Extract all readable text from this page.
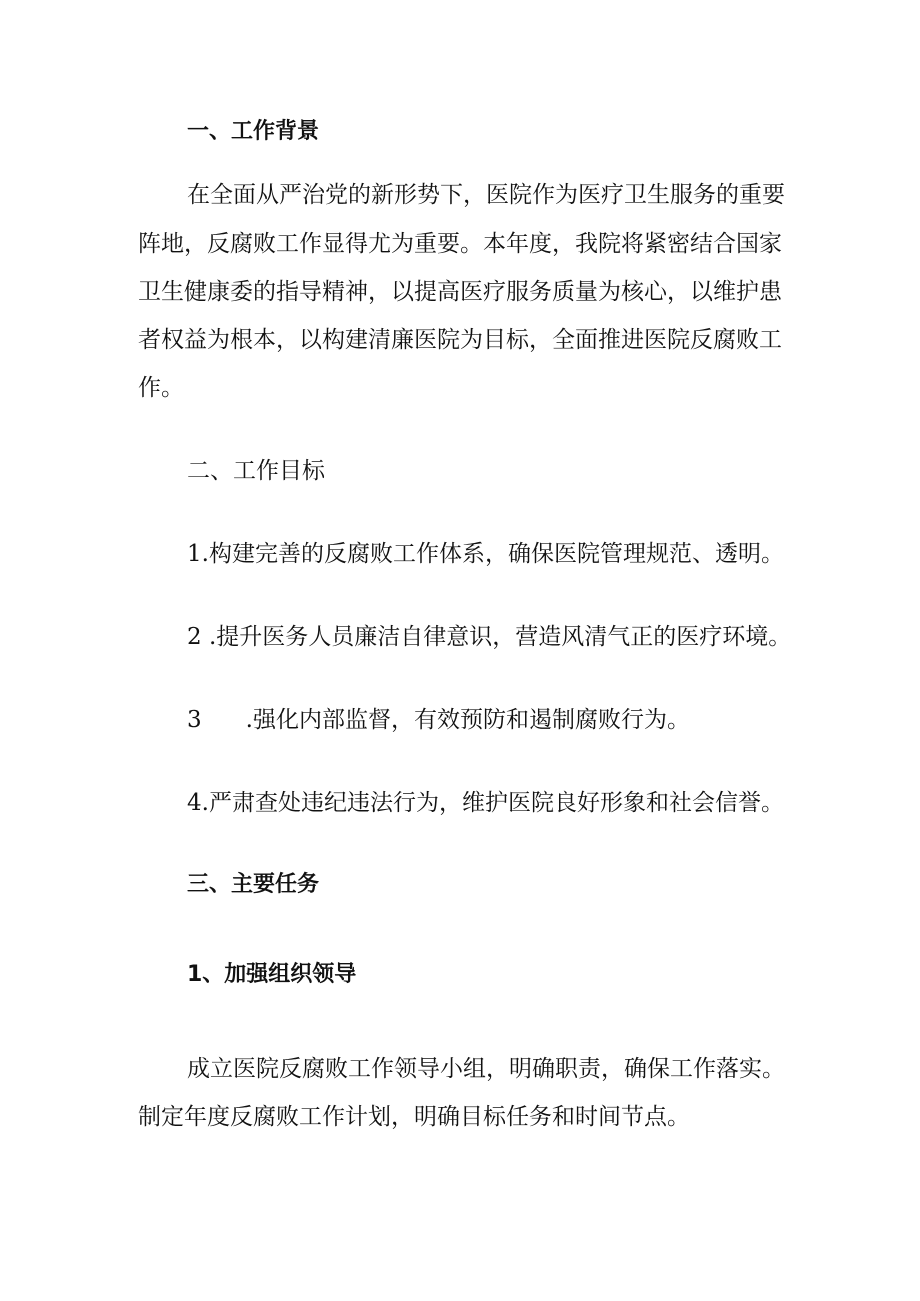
一、工作背景

在全面从严治党的新形势下，医院作为医疗卫生服务的重要

阵地，反腐败工作显得尤为重要。本年度，我院将紧密结合国家

卫生健康委的指导精神，以提高医疗服务质量为核心，以维护患

者权益为根本，以构建清廉医院为目标，全面推进医院反腐败工

作。

二、工作目标

1.构建完善的反腐败工作体系，确保医院管理规范、透明。

2 .提升医务人员廉洁自律意识，营造风清气正的医疗环境。

3 .强化内部监督，有效预防和遏制腐败行为。

4.严肃查处违纪违法行为，维护医院良好形象和社会信誉。

三、主要任务
1、加强组织领导

成立医院反腐败工作领导小组，明确职责，确保工作落实。

制定年度反腐败工作计划，明确目标任务和时间节点。
